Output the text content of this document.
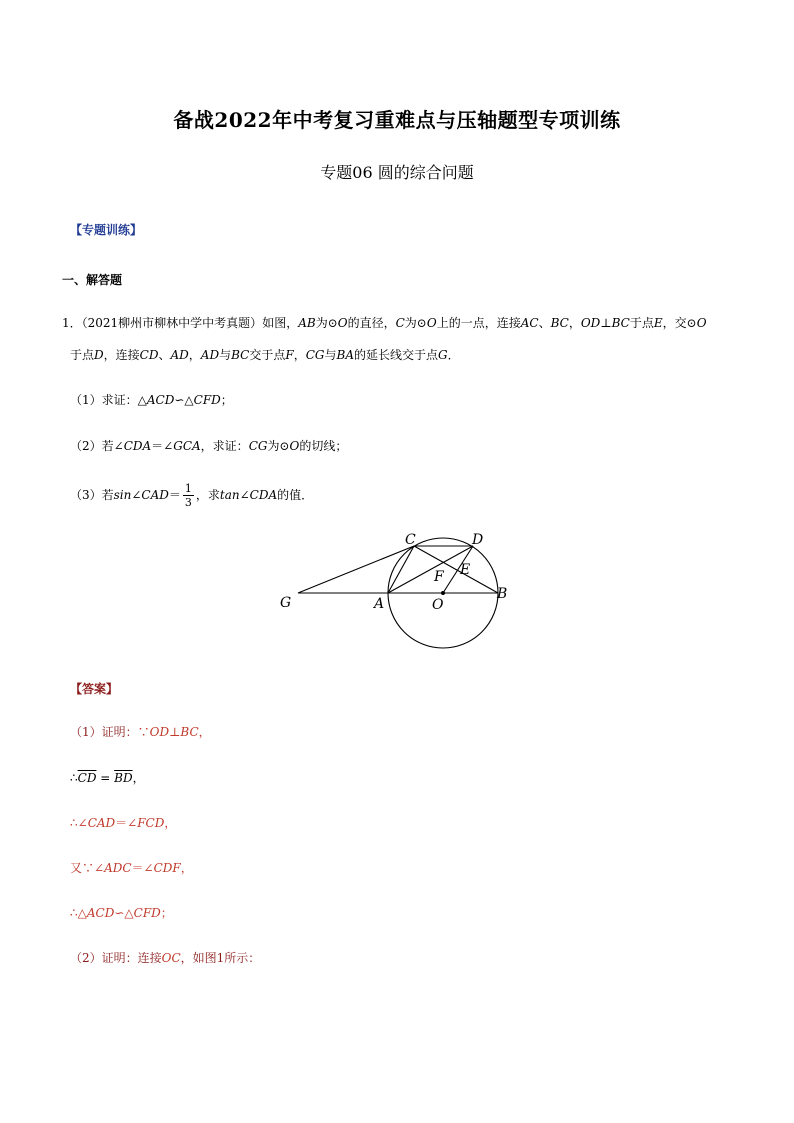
备战2022年中考复习重难点与压轴题型专项训练
专题06 圆的综合问题
【专题训练】
一、解答题
1．（2021柳州市柳林中学中考真题）如图，AB为⊙O的直径，C为⊙O上的一点，连接AC、BC，OD⊥BC于点E，交⊙O
于点D，连接CD、AD，AD与BC交于点F，CG与BA的延长线交于点G．
（1）求证：△ACD∽△CFD；
（2）若∠CDA＝∠GCA，求证：CG为⊙O的切线；
（3）若sin∠CAD＝ $\frac{1}{3}$ ，求tan∠CDA的值．
C	D
F E
G	A	O
B
【答案】
（1）证明：∵OD⊥BC，
$\therefore\overline{CD} = \overline{BD}$，
∴∠CAD＝∠FCD，
又∵∠ADC＝∠CDF，
∴△ACD∽△CFD；
（2）证明：连接OC，如图1所示：
